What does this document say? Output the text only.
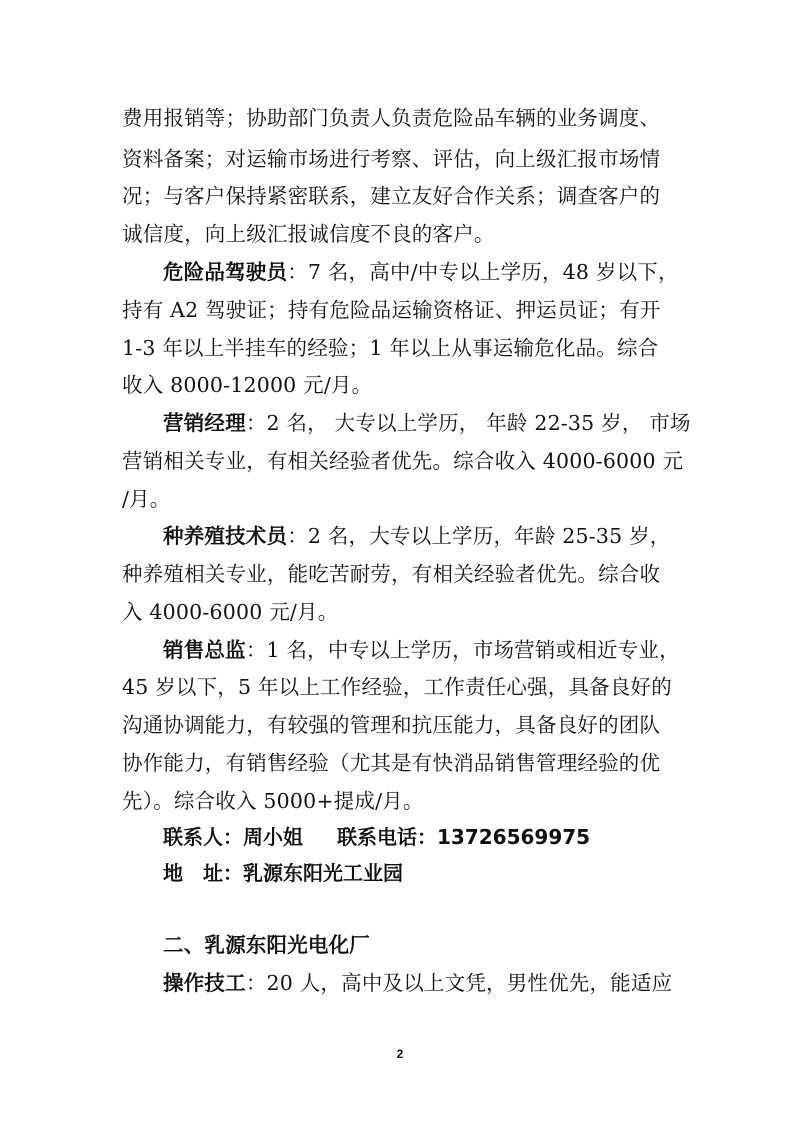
费用报销等；协助部门负责人负责危险品车辆的业务调度、
资料备案；对运输市场进行考察、评估，向上级汇报市场情
况；与客户保持紧密联系，建立友好合作关系；调查客户的
诚信度，向上级汇报诚信度不良的客户。
危险品驾驶员：7 名，高中/中专以上学历，48 岁以下，
持有 A2 驾驶证；持有危险品运输资格证、押运员证；有开
1-3 年以上半挂车的经验；1 年以上从事运输危化品。综合
收入 8000-12000 元/月。
营销经理：2 名， 大专以上学历， 年龄 22-35 岁， 市场
营销相关专业，有相关经验者优先。综合收入 4000-6000 元
/月。
种养殖技术员：2 名，大专以上学历，年龄 25-35 岁，
种养殖相关专业，能吃苦耐劳，有相关经验者优先。综合收
入 4000-6000 元/月。
销售总监：1 名，中专以上学历，市场营销或相近专业，
45 岁以下，5 年以上工作经验，工作责任心强，具备良好的
沟通协调能力，有较强的管理和抗压能力，具备良好的团队
协作能力，有销售经验（尤其是有快消品销售管理经验的优
先）。综合收入 5000+提成/月。
联系人：周小姐 联系电话：13726569975
地　址：乳源东阳光工业园
二、乳源东阳光电化厂
操作技工：20 人，高中及以上文凭，男性优先，能适应
2
